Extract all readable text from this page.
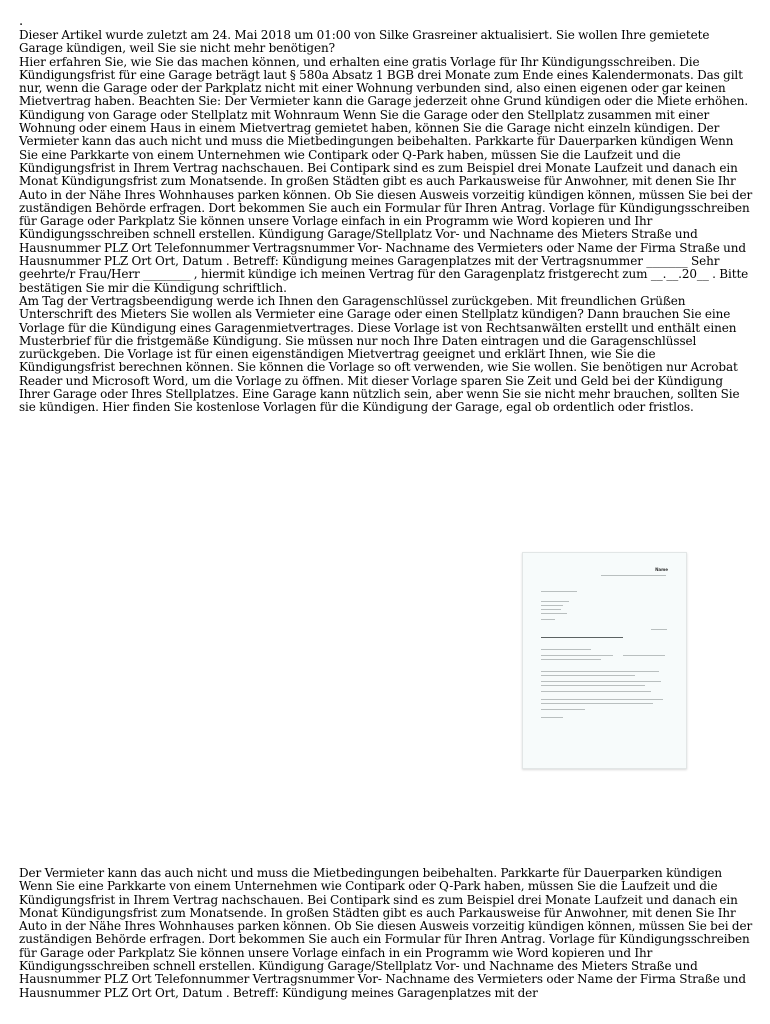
.

Dieser Artikel wurde zuletzt am 24. Mai 2018 um 01:00 von Silke Grasreiner aktualisiert. Sie wollen Ihre gemietete Garage kündigen, weil Sie sie nicht mehr benötigen?

Hier erfahren Sie, wie Sie das machen können, und erhalten eine gratis Vorlage für Ihr Kündigungsschreiben. Die Kündigungsfrist für eine Garage beträgt laut § 580a Absatz 1 BGB drei Monate zum Ende eines Kalendermonats. Das gilt nur, wenn die Garage oder der Parkplatz nicht mit einer Wohnung verbunden sind, also einen eigenen oder gar keinen Mietvertrag haben. Beachten Sie: Der Vermieter kann die Garage jederzeit ohne Grund kündigen oder die Miete erhöhen. Kündigung von Garage oder Stellplatz mit Wohnraum Wenn Sie die Garage oder den Stellplatz zusammen mit einer Wohnung oder einem Haus in einem Mietvertrag gemietet haben, können Sie die Garage nicht einzeln kündigen. Der Vermieter kann das auch nicht und muss die Mietbedingungen beibehalten. Parkkarte für Dauerparken kündigen Wenn Sie eine Parkkarte von einem Unternehmen wie Contipark oder Q-Park haben, müssen Sie die Laufzeit und die Kündigungsfrist in Ihrem Vertrag nachschauen. Bei Contipark sind es zum Beispiel drei Monate Laufzeit und danach ein Monat Kündigungsfrist zum Monatsende. In großen Städten gibt es auch Parkausweise für Anwohner, mit denen Sie Ihr Auto in der Nähe Ihres Wohnhauses parken können. Ob Sie diesen Ausweis vorzeitig kündigen können, müssen Sie bei der zuständigen Behörde erfragen. Dort bekommen Sie auch ein Formular für Ihren Antrag. Vorlage für Kündigungsschreiben für Garage oder Parkplatz Sie können unsere Vorlage einfach in ein Programm wie Word kopieren und Ihr Kündigungsschreiben schnell erstellen. Kündigung Garage/Stellplatz Vor- und Nachname des Mieters Straße und Hausnummer PLZ Ort Telefonnummer Vertragsnummer Vor- Nachname des Vermieters oder Name der Firma Straße und Hausnummer PLZ Ort Ort, Datum . Betreff: Kündigung meines Garagenplatzes mit der Vertragsnummer _______ Sehr geehrte/r Frau/Herr ________ , hiermit kündige ich meinen Vertrag für den Garagenplatz fristgerecht zum __.__.20__ . Bitte bestätigen Sie mir die Kündigung schriftlich.

Am Tag der Vertragsbeendigung werde ich Ihnen den Garagenschlüssel zurückgeben. Mit freundlichen Grüßen Unterschrift des Mieters Sie wollen als Vermieter eine Garage oder einen Stellplatz kündigen? Dann brauchen Sie eine Vorlage für die Kündigung eines Garagenmietvertrages. Diese Vorlage ist von Rechtsanwälten erstellt und enthält einen Musterbrief für die fristgemäße Kündigung. Sie müssen nur noch Ihre Daten eintragen und die Garagenschlüssel zurückgeben. Die Vorlage ist für einen eigenständigen Mietvertrag geeignet und erklärt Ihnen, wie Sie die Kündigungsfrist berechnen können. Sie können die Vorlage so oft verwenden, wie Sie wollen. Sie benötigen nur Acrobat Reader und Microsoft Word, um die Vorlage zu öffnen. Mit dieser Vorlage sparen Sie Zeit und Geld bei der Kündigung Ihrer Garage oder Ihres Stellplatzes. Eine Garage kann nützlich sein, aber wenn Sie sie nicht mehr brauchen, sollten Sie sie kündigen. Hier finden Sie kostenlose Vorlagen für die Kündigung der Garage, egal ob ordentlich oder fristlos.

Name

Der Vermieter kann das auch nicht und muss die Mietbedingungen beibehalten. Parkkarte für Dauerparken kündigen Wenn Sie eine Parkkarte von einem Unternehmen wie Contipark oder Q-Park haben, müssen Sie die Laufzeit und die Kündigungsfrist in Ihrem Vertrag nachschauen. Bei Contipark sind es zum Beispiel drei Monate Laufzeit und danach ein Monat Kündigungsfrist zum Monatsende. In großen Städten gibt es auch Parkausweise für Anwohner, mit denen Sie Ihr Auto in der Nähe Ihres Wohnhauses parken können. Ob Sie diesen Ausweis vorzeitig kündigen können, müssen Sie bei der zuständigen Behörde erfragen. Dort bekommen Sie auch ein Formular für Ihren Antrag. Vorlage für Kündigungsschreiben für Garage oder Parkplatz Sie können unsere Vorlage einfach in ein Programm wie Word kopieren und Ihr Kündigungsschreiben schnell erstellen. Kündigung Garage/Stellplatz Vor- und Nachname des Mieters Straße und Hausnummer PLZ Ort Telefonnummer Vertragsnummer Vor- Nachname des Vermieters oder Name der Firma Straße und Hausnummer PLZ Ort Ort, Datum . Betreff: Kündigung meines Garagenplatzes mit der
